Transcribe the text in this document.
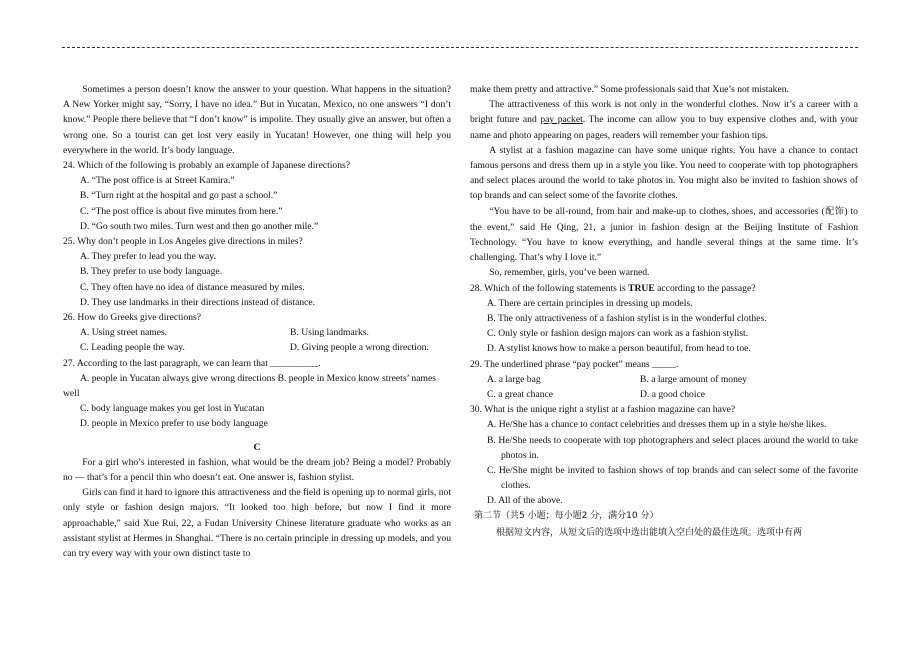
Sometimes a person doesn’t know the answer to your question. What happens in the situation? A New Yorker might say, “Sorry, I have no idea.” But in Yucatan, Mexico, no one answers “I don’t know.” People there believe that “I don’t know” is impolite. They usually give an answer, but often a wrong one. So a tourist can get lost very easily in Yucatan! However, one thing will help you everywhere in the world. It’s body language.

24. Which of the following is probably an example of Japanese directions?

A. “The post office is at Street Kamira.”

B. “Turn right at the hospital and go past a school.”

C. “The post office is about five minutes from here.”

D. “Go south two miles. Turn west and then go another mile.”

25. Why don’t people in Los Angeles give directions in miles?

A. They prefer to lead you the way.

B. They prefer to use body language.

C. They often have no idea of distance measured by miles.

D. They use landmarks in their directions instead of distance.

26. How do Greeks give directions?

A. Using street names.	B. Using landmarks.

C. Leading people the way.	D. Giving people a wrong direction.

27. According to the last paragraph, we can learn that __________.

A. people in Yucatan always give wrong directions B. people in Mexico know streets’ names well

C. body language makes you get lost in Yucatan

D. people in Mexico prefer to use body language

C

For a girl who’s interested in fashion, what would be the dream job? Being a model? Probably no — that’s for a pencil thin who doesn’t eat. One answer is, fashion stylist.

Girls can find it hard to ignore this attractiveness and the field is opening up to normal girls, not only style or fashion design majors. “It looked too high before, but now I find it more approachable,” said Xue Rui, 22, a Fudan University Chinese literature graduate who works as an assistant stylist at Hermes in Shanghai. “There is no certain principle in dressing up models, and you can try every way with your own distinct taste to

make them pretty and attractive.” Some professionals said that Xue’s not mistaken.

The attractiveness of this work is not only in the wonderful clothes. Now it’s a career with a bright future and pay packet. The income can allow you to buy expensive clothes and, with your name and photo appearing on pages, readers will remember your fashion tips.

A stylist at a fashion magazine can have some unique rights. You have a chance to contact famous persons and dress them up in a style you like. You need to cooperate with top photographers and select places around the world to take photos in. You might also be invited to fashion shows of top brands and can select some of the favorite clothes.

“You have to be all-round, from hair and make-up to clothes, shoes, and accessories (配饰) to the event,” said He Qing, 21, a junior in fashion design at the Beijing Institute of Fashion Technology. “You have to know everything, and handle several things at the same time. It’s challenging. That’s why I love it.”

So, remember, girls, you’ve been warned.

28. Which of the following statements is TRUE according to the passage?

A. There are certain principles in dressing up models.

B. The only attractiveness of a fashion stylist is in the wonderful clothes.

C. Only style or fashion design majors can work as a fashion stylist.

D. A stylist knows how to make a person beautiful, from head to toe.

29. The underlined phrase “pay pocket” means _____.

A. a large bag	B. a large amount of money

C. a great chance	D. a good choice

30. What is the unique right a stylist at a fashion magazine can have?

A. He/She has a chance to contact celebrities and dresses them up in a style he/she likes.

B. He/She needs to cooperate with top photographers and select places around the world to take photos in.

C. He/She might be invited to fashion shows of top brands and can select some of the favorite clothes.

D. All of the above.

第二节（共5 小题；每小题2 分，满分10 分）

根据短文内容，从短文后的选项中选出能填入空白处的最佳选项。选项中有两
